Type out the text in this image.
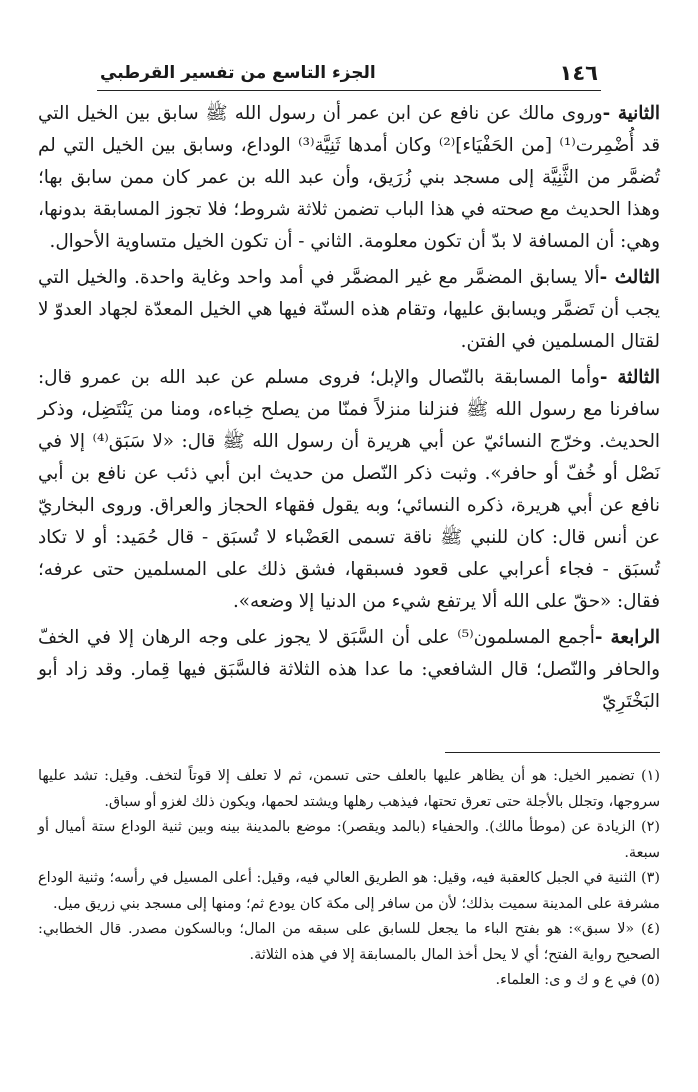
١٤٦
الجزء التاسع من تفسير القرطبي

الثانية -وروى مالك عن نافع عن ابن عمر أن رسول الله ﷺ سابق بين الخيل التي قد أُضْمِرت⁽¹⁾ [من الحَفْيَاء]⁽²⁾ وكان أمدها ثَنِيَّة⁽³⁾ الوداع، وسابق بين الخيل التي لم تُضمَّر من الثَّنِيَّة إلى مسجد بني زُرَيق، وأن عبد الله بن عمر كان ممن سابق بها؛ وهذا الحديث مع صحته في هذا الباب تضمن ثلاثة شروط؛ فلا تجوز المسابقة بدونها، وهي: أن المسافة لا بدّ أن تكون معلومة. الثاني - أن تكون الخيل متساوية الأحوال.

الثالث -ألا يسابق المضمَّر مع غير المضمَّر في أمد واحد وغاية واحدة. والخيل التي يجب أن تَضمَّر ويسابق عليها، وتقام هذه السنّة فيها هي الخيل المعدّة لجهاد العدوّ لا لقتال المسلمين في الفتن.

الثالثة -وأما المسابقة بالنّصال والإبل؛ فروى مسلم عن عبد الله بن عمرو قال: سافرنا مع رسول الله ﷺ فنزلنا منزلاً فمنّا من يصلح خِباءه، ومنا من يَنْتَضِل، وذكر الحديث. وخرّج النسائيّ عن أبي هريرة أن رسول الله ﷺ قال: «لا سَبَق⁽⁴⁾ إلا في نَصْل أو خُفّ أو حافر». وثبت ذكر النّصل من حديث ابن أبي ذئب عن نافع بن أبي نافع عن أبي هريرة، ذكره النسائي؛ وبه يقول فقهاء الحجاز والعراق. وروى البخاريّ عن أنس قال: كان للنبي ﷺ ناقة تسمى العَضْباء لا تُسبَق - قال حُمَيد: أو لا تكاد تُسبَق - فجاء أعرابي على قعود فسبقها، فشق ذلك على المسلمين حتى عرفه؛ فقال: «حقّ على الله ألا يرتفع شيء من الدنيا إلا وضعه».

الرابعة -أجمع المسلمون⁽⁵⁾ على أن السَّبَق لا يجوز على وجه الرهان إلا في الخفّ والحافر والنّصل؛ قال الشافعي: ما عدا هذه الثلاثة فالسَّبَق فيها قِمار. وقد زاد أبو البَخْتَرِيّ

(١) تضمير الخيل: هو أن يظاهر عليها بالعلف حتى تسمن، ثم لا تعلف إلا قوتاً لتخف. وقيل: تشد عليها سروجها، وتجلل بالأجلة حتى تعرق تحتها، فيذهب رهلها ويشتد لحمها، ويكون ذلك لغزو أو سباق.

(٢) الزيادة عن (موطأ مالك). والحفياء (بالمد ويقصر): موضع بالمدينة بينه وبين ثنية الوداع ستة أميال أو سبعة.

(٣) الثنية في الجبل كالعقبة فيه، وقيل: هو الطريق العالي فيه، وقيل: أعلى المسيل في رأسه؛ وثنية الوداع مشرفة على المدينة سميت بذلك؛ لأن من سافر إلى مكة كان يودع ثم؛ ومنها إلى مسجد بني زريق ميل.

(٤) «لا سبق»: هو بفتح الباء ما يجعل للسابق على سبقه من المال؛ وبالسكون مصدر. قال الخطابي: الصحيح رواية الفتح؛ أي لا يحل أخذ المال بالمسابقة إلا في هذه الثلاثة.

(٥) في ع و ك و ى: العلماء.
